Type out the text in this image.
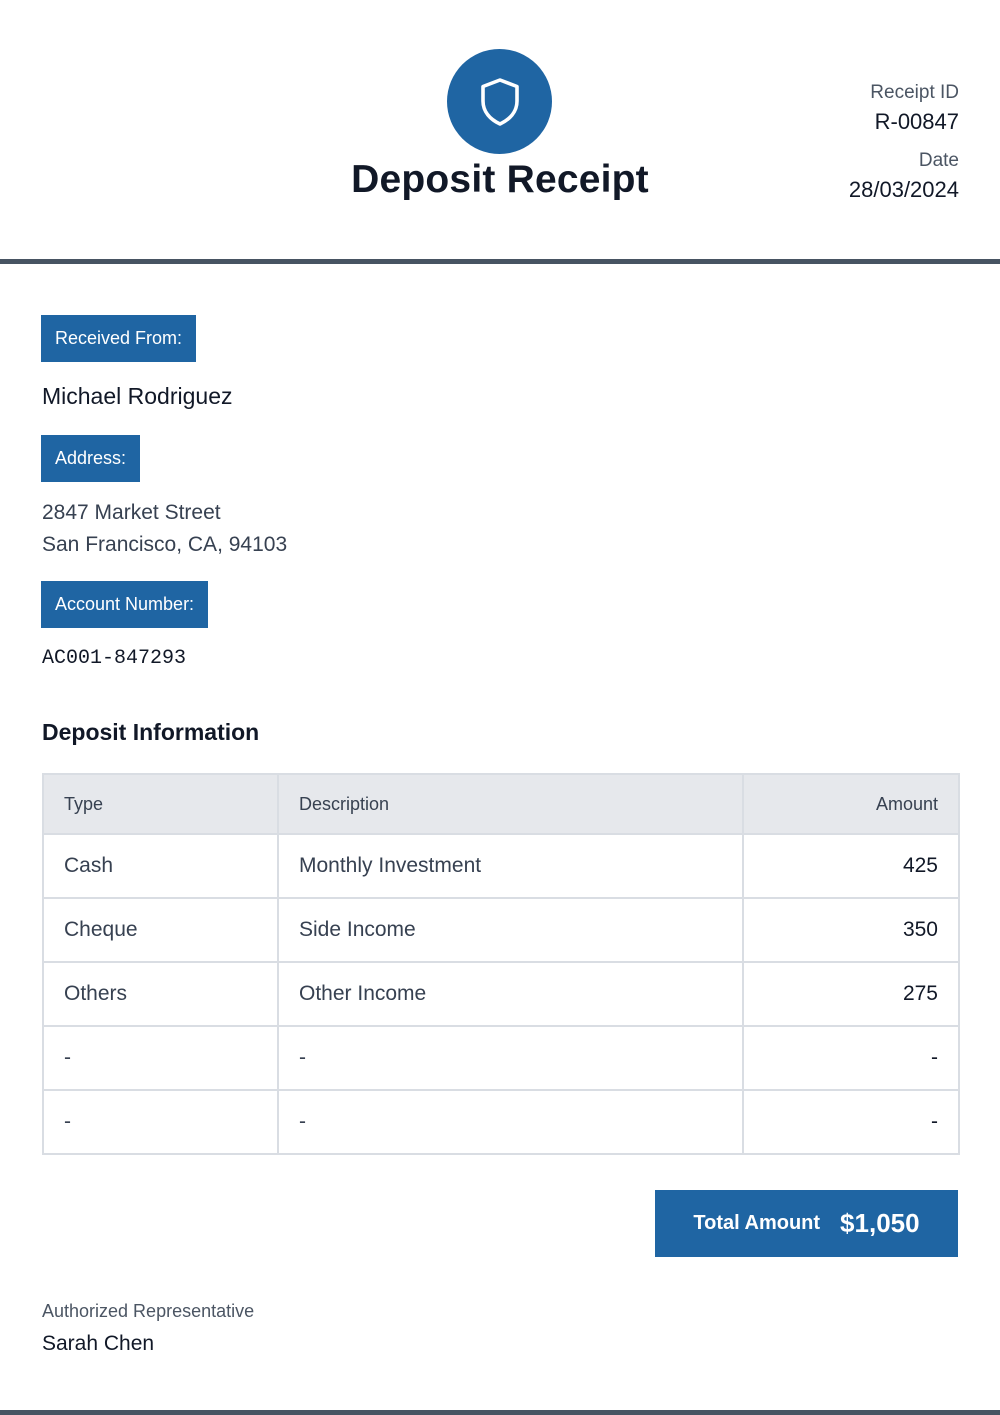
Deposit Receipt
Receipt ID
R-00847
Date
28/03/2024
Received From:
Michael Rodriguez
Address:
2847 Market Street
San Francisco, CA, 94103
Account Number:
AC001-847293
Deposit Information
Type	Description	Amount
Cash	Monthly Investment	425
Cheque	Side Income	350
Others	Other Income	275
-	-	-
-	-	-
Total Amount $1,050
Authorized Representative
Sarah Chen
